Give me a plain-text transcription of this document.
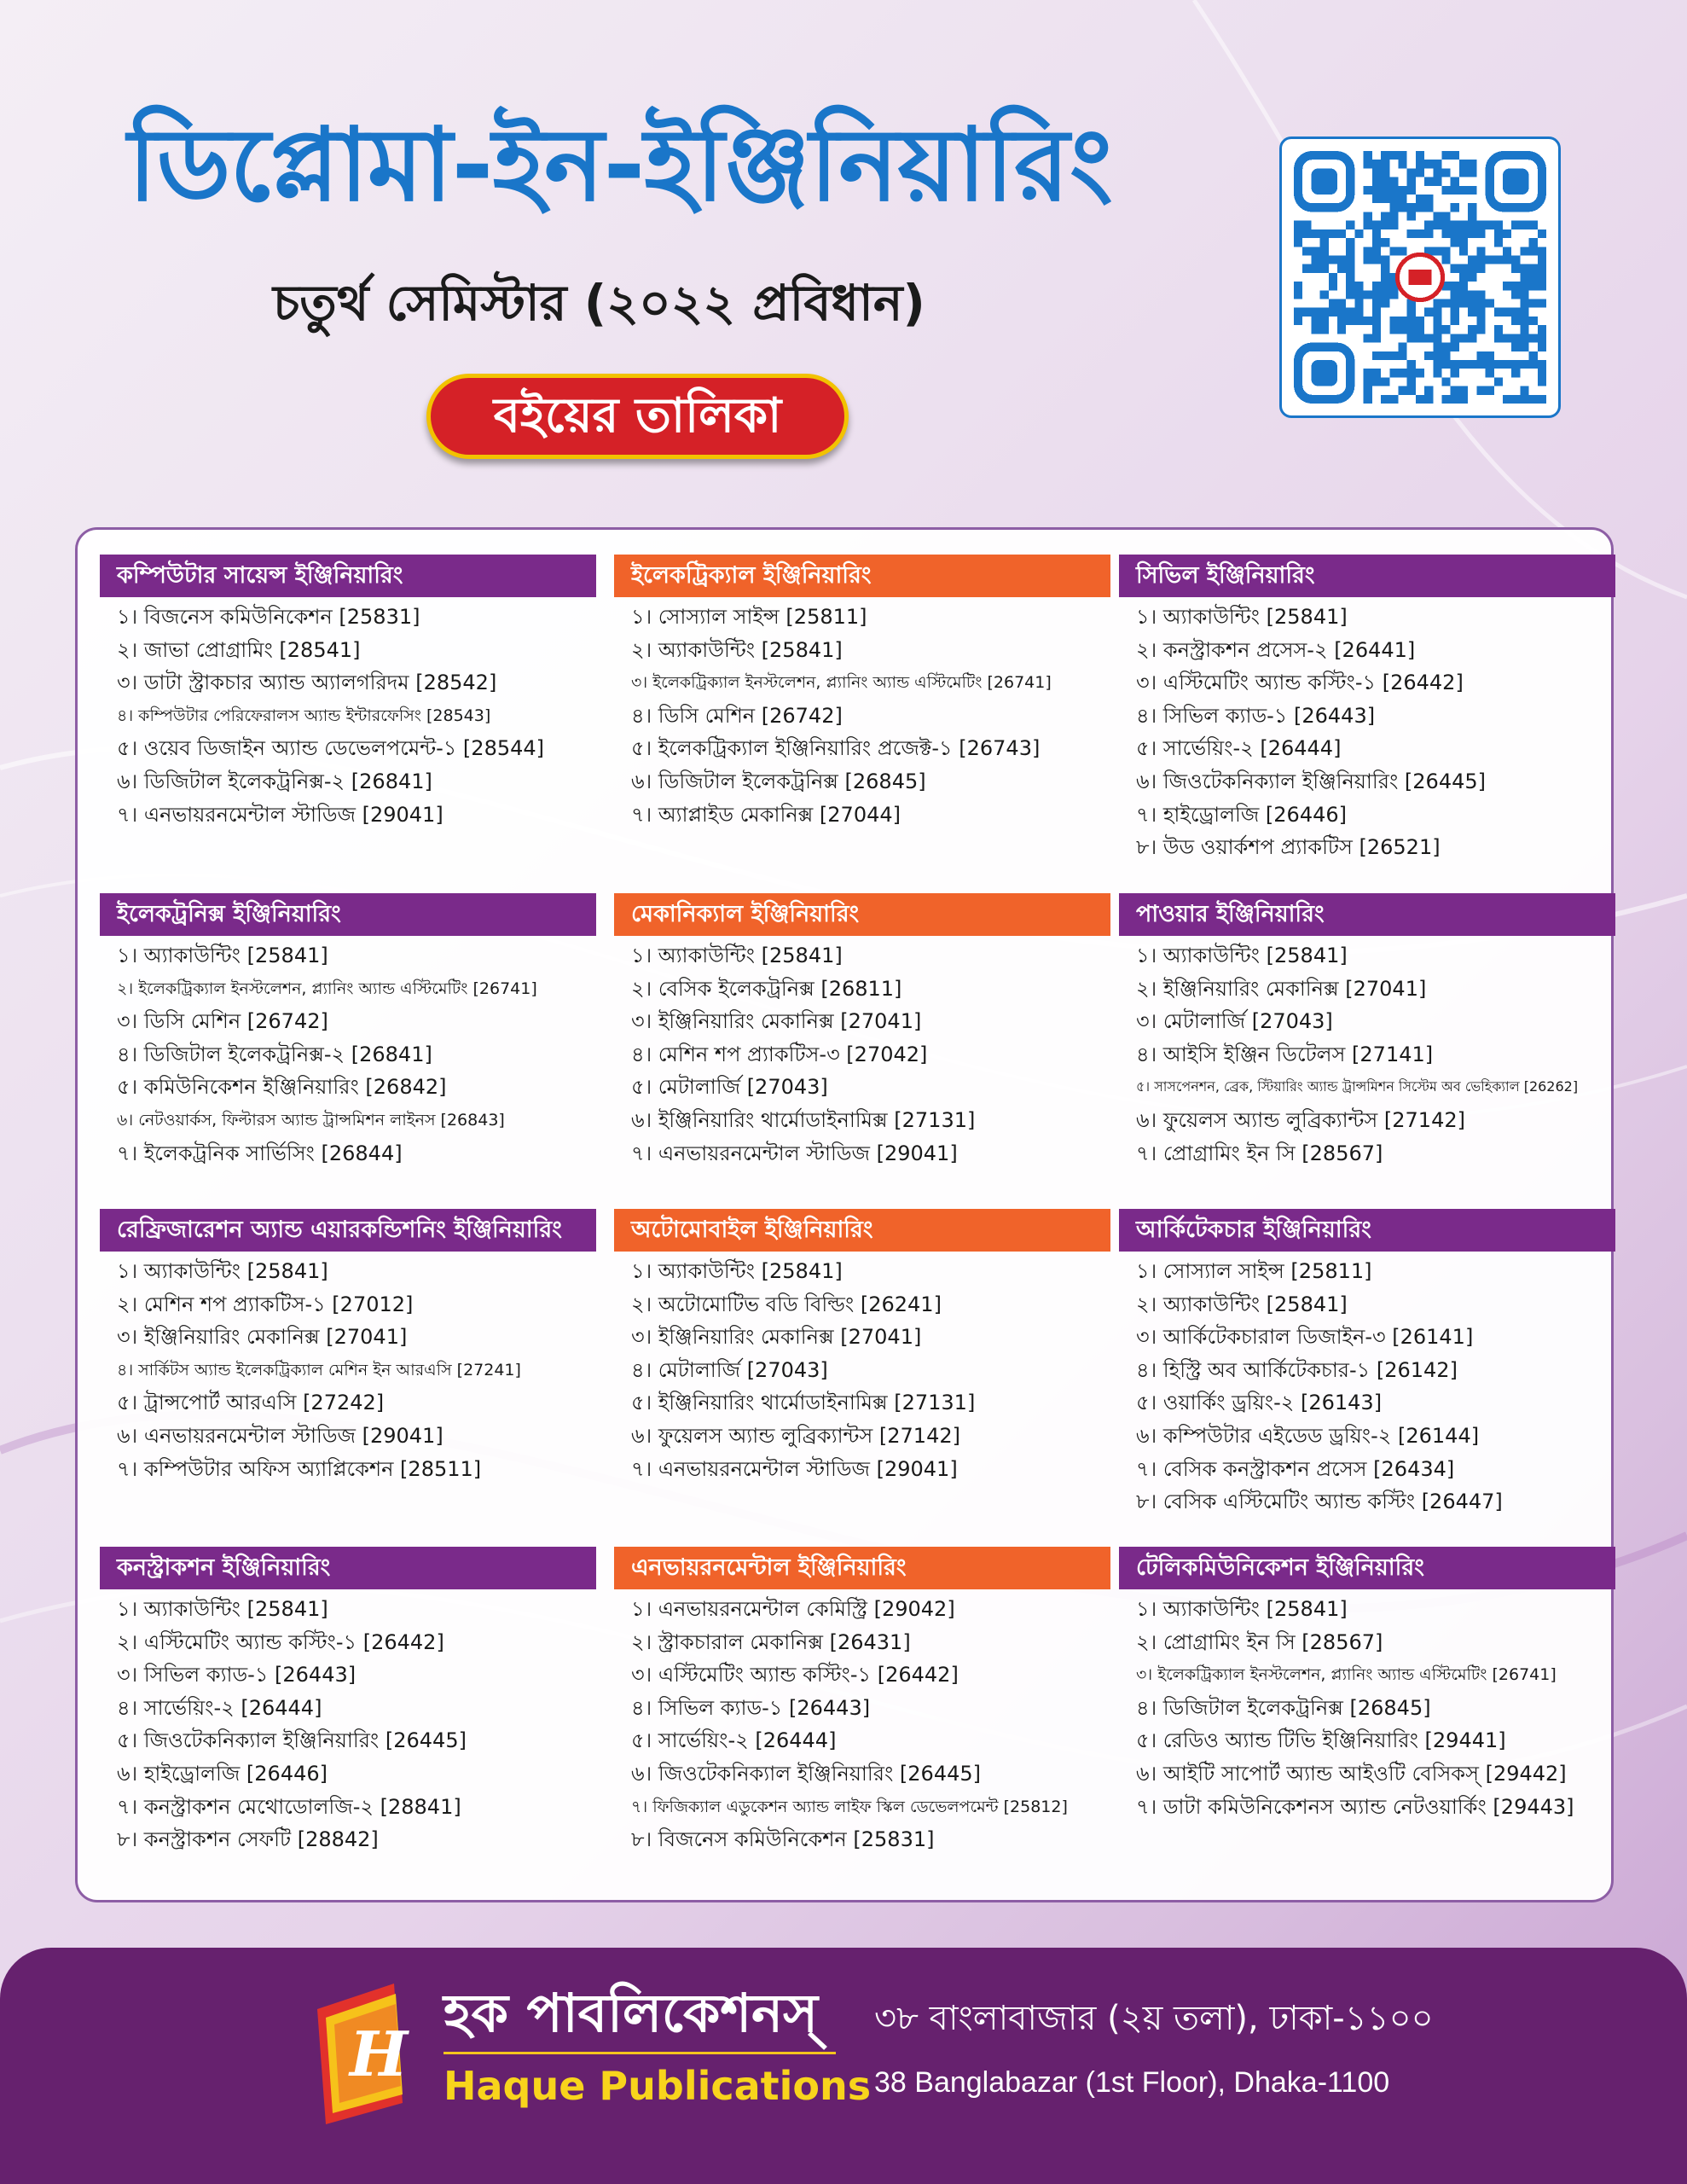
ডিপ্লোমা-ইন-ইঞ্জিনিয়ারিং
চতুর্থ সেমিস্টার (২০২২ প্রবিধান)
বইয়ের তালিকা
কম্পিউটার সায়েন্স ইঞ্জিনিয়ারিং
১। বিজনেস কমিউনিকেশন [25831]
২। জাভা প্রোগ্রামিং [28541]
৩। ডাটা স্ট্রাকচার অ্যান্ড অ্যালগরিদম [28542]
৪। কম্পিউটার পেরিফেরালস অ্যান্ড ইন্টারফেসিং [28543]
৫। ওয়েব ডিজাইন অ্যান্ড ডেভেলপমেন্ট-১ [28544]
৬। ডিজিটাল ইলেকট্রনিক্স-২ [26841]
৭। এনভায়রনমেন্টাল স্টাডিজ [29041]
ইলেকট্রিক্যাল ইঞ্জিনিয়ারিং
১। সোস্যাল সাইন্স [25811]
২। অ্যাকাউন্টিং [25841]
৩। ইলেকট্রিক্যাল ইনস্টলেশন, প্ল্যানিং অ্যান্ড এস্টিমেটিং [26741]
৪। ডিসি মেশিন [26742]
৫। ইলেকট্রিক্যাল ইঞ্জিনিয়ারিং প্রজেক্ট-১ [26743]
৬। ডিজিটাল ইলেকট্রনিক্স [26845]
৭। অ্যাপ্লাইড মেকানিক্স [27044]
সিভিল ইঞ্জিনিয়ারিং
১। অ্যাকাউন্টিং [25841]
২। কনস্ট্রাকশন প্রসেস-২ [26441]
৩। এস্টিমেটিং অ্যান্ড কস্টিং-১ [26442]
৪। সিভিল ক্যাড-১ [26443]
৫। সার্ভেয়িং-২ [26444]
৬। জিওটেকনিক্যাল ইঞ্জিনিয়ারিং [26445]
৭। হাইড্রোলজি [26446]
৮। উড ওয়ার্কশপ প্র্যাকটিস [26521]
ইলেকট্রনিক্স ইঞ্জিনিয়ারিং
১। অ্যাকাউন্টিং [25841]
২। ইলেকট্রিক্যাল ইনস্টলেশন, প্ল্যানিং অ্যান্ড এস্টিমেটিং [26741]
৩। ডিসি মেশিন [26742]
৪। ডিজিটাল ইলেকট্রনিক্স-২ [26841]
৫। কমিউনিকেশন ইঞ্জিনিয়ারিং [26842]
৬। নেটওয়ার্কস, ফিল্টারস অ্যান্ড ট্রান্সমিশন লাইনস [26843]
৭। ইলেকট্রনিক সার্ভিসিং [26844]
মেকানিক্যাল ইঞ্জিনিয়ারিং
১। অ্যাকাউন্টিং [25841]
২। বেসিক ইলেকট্রনিক্স [26811]
৩। ইঞ্জিনিয়ারিং মেকানিক্স [27041]
৪। মেশিন শপ প্র্যাকটিস-৩ [27042]
৫। মেটালার্জি [27043]
৬। ইঞ্জিনিয়ারিং থার্মোডাইনামিক্স [27131]
৭। এনভায়রনমেন্টাল স্টাডিজ [29041]
পাওয়ার ইঞ্জিনিয়ারিং
১। অ্যাকাউন্টিং [25841]
২। ইঞ্জিনিয়ারিং মেকানিক্স [27041]
৩। মেটালার্জি [27043]
৪। আইসি ইঞ্জিন ডিটেলস [27141]
৫। সাসপেনশন, ব্রেক, স্টিয়ারিং অ্যান্ড ট্রান্সমিশন সিস্টেম অব ভেহিক্যাল [26262]
৬। ফুয়েলস অ্যান্ড লুব্রিক্যান্টস [27142]
৭। প্রোগ্রামিং ইন সি [28567]
রেফ্রিজারেশন অ্যান্ড এয়ারকন্ডিশনিং ইঞ্জিনিয়ারিং
১। অ্যাকাউন্টিং [25841]
২। মেশিন শপ প্র্যাকটিস-১ [27012]
৩। ইঞ্জিনিয়ারিং মেকানিক্স [27041]
৪। সার্কিটস অ্যান্ড ইলেকট্রিক্যাল মেশিন ইন আরএসি [27241]
৫। ট্রান্সপোর্ট আরএসি [27242]
৬। এনভায়রনমেন্টাল স্টাডিজ [29041]
৭। কম্পিউটার অফিস অ্যাপ্লিকেশন [28511]
অটোমোবাইল ইঞ্জিনিয়ারিং
১। অ্যাকাউন্টিং [25841]
২। অটোমোটিভ বডি বিল্ডিং [26241]
৩। ইঞ্জিনিয়ারিং মেকানিক্স [27041]
৪। মেটালার্জি [27043]
৫। ইঞ্জিনিয়ারিং থার্মোডাইনামিক্স [27131]
৬। ফুয়েলস অ্যান্ড লুব্রিক্যান্টস [27142]
৭। এনভায়রনমেন্টাল স্টাডিজ [29041]
আর্কিটেকচার ইঞ্জিনিয়ারিং
১। সোস্যাল সাইন্স [25811]
২। অ্যাকাউন্টিং [25841]
৩। আর্কিটেকচারাল ডিজাইন-৩ [26141]
৪। হিস্ট্রি অব আর্কিটেকচার-১ [26142]
৫। ওয়ার্কিং ড্রয়িং-২ [26143]
৬। কম্পিউটার এইডেড ড্রয়িং-২ [26144]
৭। বেসিক কনস্ট্রাকশন প্রসেস [26434]
৮। বেসিক এস্টিমেটিং অ্যান্ড কস্টিং [26447]
কনস্ট্রাকশন ইঞ্জিনিয়ারিং
১। অ্যাকাউন্টিং [25841]
২। এস্টিমেটিং অ্যান্ড কস্টিং-১ [26442]
৩। সিভিল ক্যাড-১ [26443]
৪। সার্ভেয়িং-২ [26444]
৫। জিওটেকনিক্যাল ইঞ্জিনিয়ারিং [26445]
৬। হাইড্রোলজি [26446]
৭। কনস্ট্রাকশন মেথোডোলজি-২ [28841]
৮। কনস্ট্রাকশন সেফটি [28842]
এনভায়রনমেন্টাল ইঞ্জিনিয়ারিং
১। এনভায়রনমেন্টাল কেমিস্ট্রি [29042]
২। স্ট্রাকচারাল মেকানিক্স [26431]
৩। এস্টিমেটিং অ্যান্ড কস্টিং-১ [26442]
৪। সিভিল ক্যাড-১ [26443]
৫। সার্ভেয়িং-২ [26444]
৬। জিওটেকনিক্যাল ইঞ্জিনিয়ারিং [26445]
৭। ফিজিক্যাল এডুকেশন অ্যান্ড লাইফ স্কিল ডেভেলপমেন্ট [25812]
৮। বিজনেস কমিউনিকেশন [25831]
টেলিকমিউনিকেশন ইঞ্জিনিয়ারিং
১। অ্যাকাউন্টিং [25841]
২। প্রোগ্রামিং ইন সি [28567]
৩। ইলেকট্রিক্যাল ইনস্টলেশন, প্ল্যানিং অ্যান্ড এস্টিমেটিং [26741]
৪। ডিজিটাল ইলেকট্রনিক্স [26845]
৫। রেডিও অ্যান্ড টিভি ইঞ্জিনিয়ারিং [29441]
৬। আইটি সাপোর্ট অ্যান্ড আইওটি বেসিকস্ [29442]
৭। ডাটা কমিউনিকেশনস অ্যান্ড নেটওয়ার্কিং [29443]
H
হক পাবলিকেশনস্
Haque Publications
৩৮ বাংলাবাজার (২য় তলা), ঢাকা-১১০০
38 Banglabazar (1st Floor), Dhaka-1100
